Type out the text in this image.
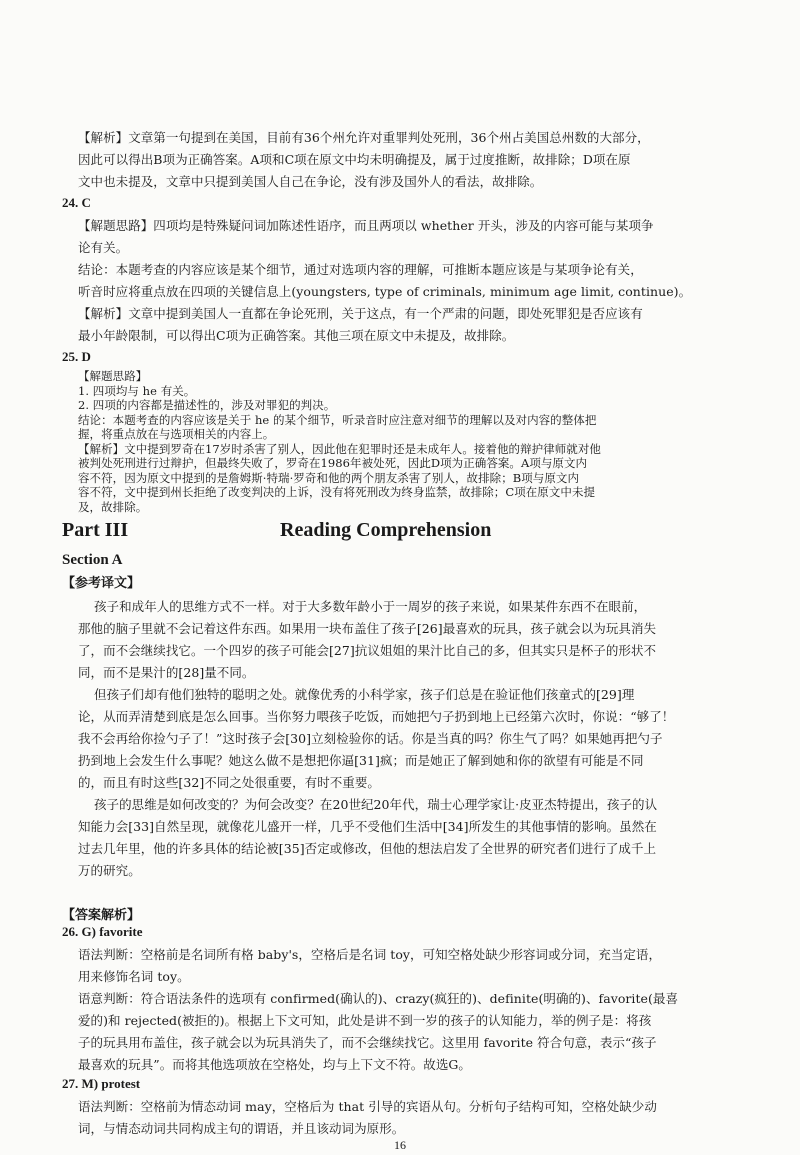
【解析】文章第一句提到在美国，目前有36个州允许对重罪判处死刑，36个州占美国总州数的大部分，
因此可以得出B项为正确答案。A项和C项在原文中均未明确提及，属于过度推断，故排除；D项在原
文中也未提及，文章中只提到美国人自己在争论，没有涉及国外人的看法，故排除。
24. C
【解题思路】四项均是特殊疑问词加陈述性语序，而且两项以 whether 开头，涉及的内容可能与某项争
论有关。
结论：本题考查的内容应该是某个细节，通过对选项内容的理解，可推断本题应该是与某项争论有关，
听音时应将重点放在四项的关键信息上(youngsters, type of criminals, minimum age limit, continue)。
【解析】文章中提到美国人一直都在争论死刑，关于这点，有一个严肃的问题，即处死罪犯是否应该有
最小年龄限制，可以得出C项为正确答案。其他三项在原文中未提及，故排除。
25. D
【解题思路】
1. 四项均与 he 有关。
2. 四项的内容都是描述性的，涉及对罪犯的判决。
结论：本题考查的内容应该是关于 he 的某个细节，听录音时应注意对细节的理解以及对内容的整体把
握，将重点放在与选项相关的内容上。
【解析】文中提到罗奇在17岁时杀害了别人，因此他在犯罪时还是未成年人。接着他的辩护律师就对他
Part III	Reading Comprehension
Section A
【参考译文】
孩子和成年人的思维方式不一样。对于大多数年龄小于一周岁的孩子来说，如果某件东西不在眼前，
那他的脑子里就不会记着这件东西。如果用一块布盖住了孩子[26]最喜欢的玩具，孩子就会以为玩具消失
了，而不会继续找它。一个四岁的孩子可能会[27]抗议姐姐的果汁比自己的多，但其实只是杯子的形状不
同，而不是果汁的[28]量不同。
但孩子们却有他们独特的聪明之处。就像优秀的小科学家，孩子们总是在验证他们孩童式的[29]理
论，从而弄清楚到底是怎么回事。当你努力喂孩子吃饭，而她把勺子扔到地上已经第六次时，你说：“够了！
我不会再给你捡勺子了！”这时孩子会[30]立刻检验你的话。你是当真的吗？你生气了吗？如果她再把勺子
扔到地上会发生什么事呢？她这么做不是想把你逼[31]疯；而是她正了解到她和你的欲望有可能是不同
的，而且有时这些[32]不同之处很重要，有时不重要。
孩子的思维是如何改变的？为何会改变？在20世纪20年代，瑞士心理学家让·皮亚杰特提出，孩子的认
知能力会[33]自然呈现，就像花儿盛开一样，几乎不受他们生活中[34]所发生的其他事情的影响。虽然在
过去几年里，他的许多具体的结论被[35]否定或修改，但他的想法启发了全世界的研究者们进行了成千上
万的研究。
【答案解析】
26. G) favorite
语法判断：空格前是名词所有格 baby's，空格后是名词 toy，可知空格处缺少形容词或分词，充当定语，
用来修饰名词 toy。
语意判断：符合语法条件的选项有 confirmed(确认的)、crazy(疯狂的)、definite(明确的)、favorite(最喜
爱的)和 rejected(被拒的)。根据上下文可知，此处是讲不到一岁的孩子的认知能力，举的例子是：将孩
子的玩具用布盖住，孩子就会以为玩具消失了，而不会继续找它。这里用 favorite 符合句意，表示“孩子
最喜欢的玩具”。而将其他选项放在空格处，均与上下文不符。故选G。
27. M) protest
语法判断：空格前为情态动词 may，空格后为 that 引导的宾语从句。分析句子结构可知，空格处缺少动
词，与情态动词共同构成主句的谓语，并且该动词为原形。
16
被判处死刑进行过辩护，但最终失败了，罗奇在1986年被处死，因此D项为正确答案。A项与原文内
容不符，因为原文中提到的是詹姆斯·特瑞·罗奇和他的两个朋友杀害了别人，故排除；B项与原文内
容不符，文中提到州长拒绝了改变判决的上诉，没有将死刑改为终身监禁，故排除；C项在原文中未提
及，故排除。
